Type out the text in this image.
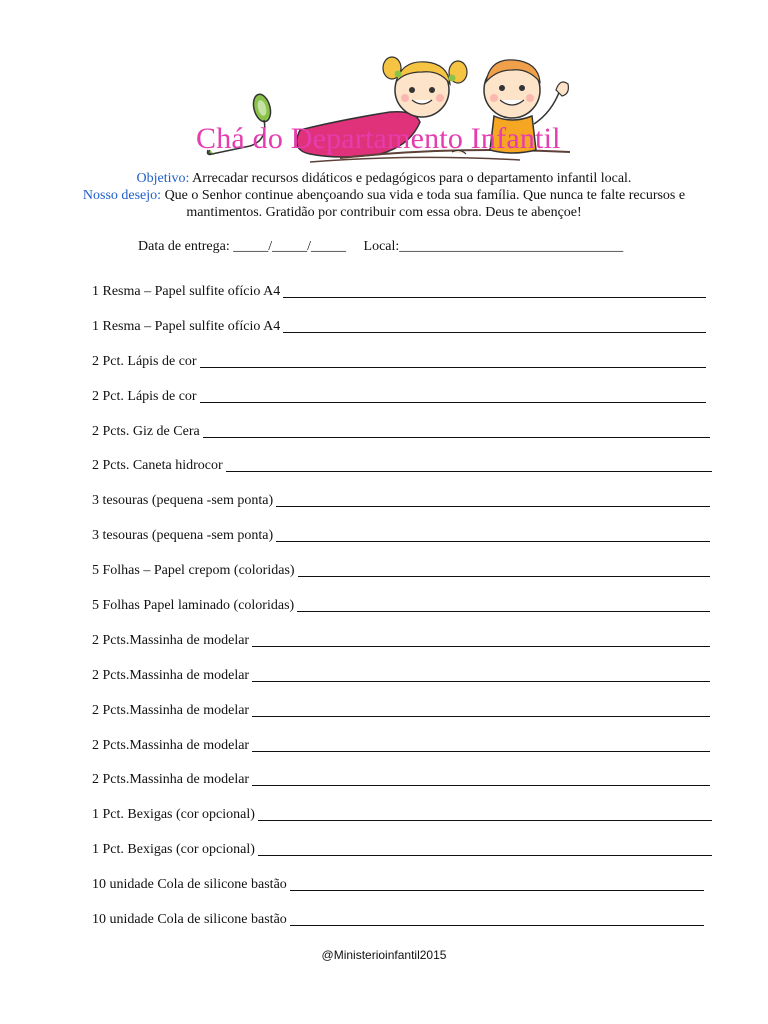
Chá do Departamento Infantil
Objetivo: Arrecadar recursos didáticos e pedagógicos para o departamento infantil local.
Nosso desejo: Que o Senhor continue abençoando sua vida e toda sua família. Que nunca te falte recursos e mantimentos. Gratidão por contribuir com essa obra. Deus te abençoe!
Data de entrega: _____/_____/_____ Local:________________________________
1 Resma – Papel sulfite ofício A4
1 Resma – Papel sulfite ofício A4
2 Pct. Lápis de cor
2 Pct. Lápis de cor
2 Pcts. Giz de Cera
2 Pcts. Caneta hidrocor
3 tesouras (pequena -sem ponta)
3 tesouras (pequena -sem ponta)
5 Folhas – Papel crepom (coloridas)
5 Folhas Papel laminado (coloridas)
2 Pcts.Massinha de modelar
2 Pcts.Massinha de modelar
2 Pcts.Massinha de modelar
2 Pcts.Massinha de modelar
2 Pcts.Massinha de modelar
1 Pct. Bexigas (cor opcional)
1 Pct. Bexigas (cor opcional)
10 unidade Cola de silicone bastão
10 unidade Cola de silicone bastão
@Ministerioinfantil2015
